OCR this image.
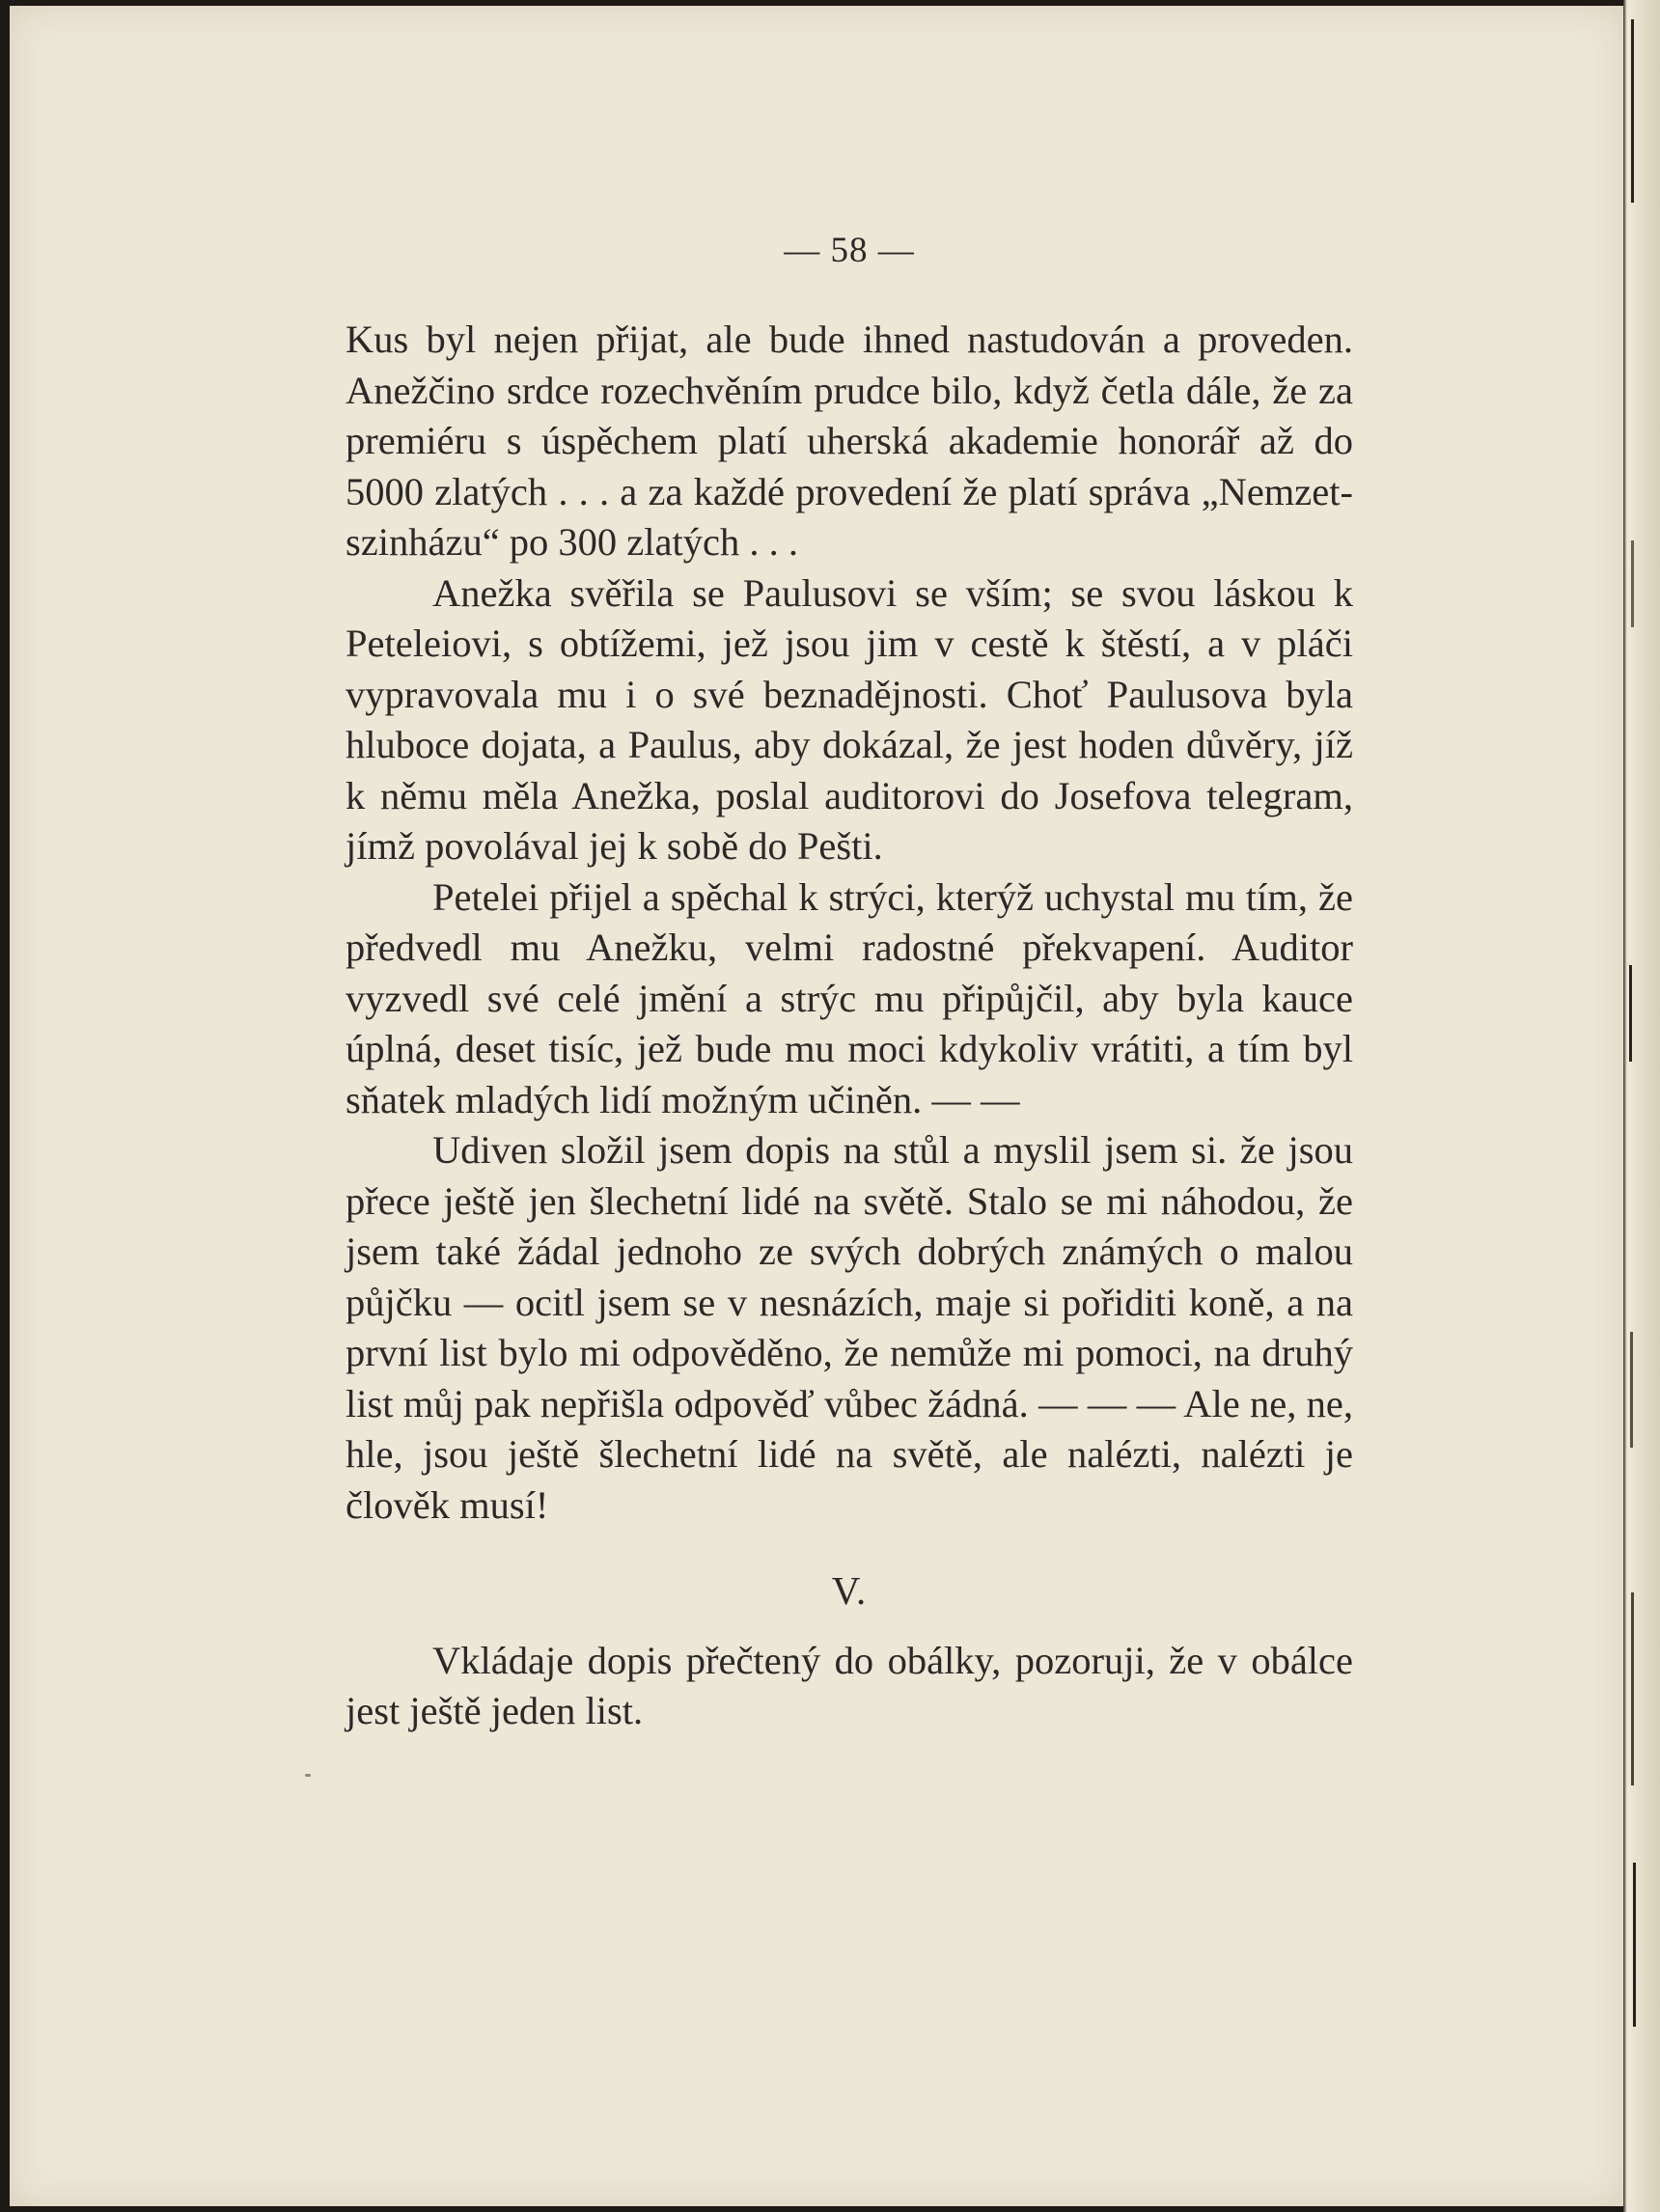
— 58 —

Kus byl nejen přijat, ale bude ihned nastudován a proveden. Anežčino srdce rozechvěním prudce bilo, když četla dále, že za premiéru s úspěchem platí uherská akademie honorář až do 5000 zlatých . . . a za každé provedení že platí správa „Nemzet-szinházu“ po 300 zlatých . . .

Anežka svěřila se Paulusovi se vším; se svou láskou k Peteleiovi, s obtížemi, jež jsou jim v cestě k štěstí, a v pláči vypravovala mu i o své beznadějnosti. Choť Paulusova byla hluboce dojata, a Paulus, aby dokázal, že jest hoden důvěry, jíž k němu měla Anežka, poslal auditorovi do Josefova telegram, jímž povolával jej k sobě do Pešti.

Petelei přijel a spěchal k strýci, kterýž uchystal mu tím, že předvedl mu Anežku, velmi radostné překvapení. Auditor vyzvedl své celé jmění a strýc mu připůjčil, aby byla kauce úplná, deset tisíc, jež bude mu moci kdykoliv vrátiti, a tím byl sňatek mladých lidí možným učiněn. — —

Udiven složil jsem dopis na stůl a myslil jsem si. že jsou přece ještě jen šlechetní lidé na světě. Stalo se mi náhodou, že jsem také žádal jednoho ze svých dobrých známých o malou půjčku — ocitl jsem se v nesnázích, maje si pořiditi koně, a na první list bylo mi odpověděno, že nemůže mi pomoci, na druhý list můj pak nepřišla odpověď vůbec žádná. — — — Ale ne, ne, hle, jsou ještě šlechetní lidé na světě, ale nalézti, nalézti je člověk musí!

V.

Vkládaje dopis přečtený do obálky, pozoruji, že v obálce jest ještě jeden list.
